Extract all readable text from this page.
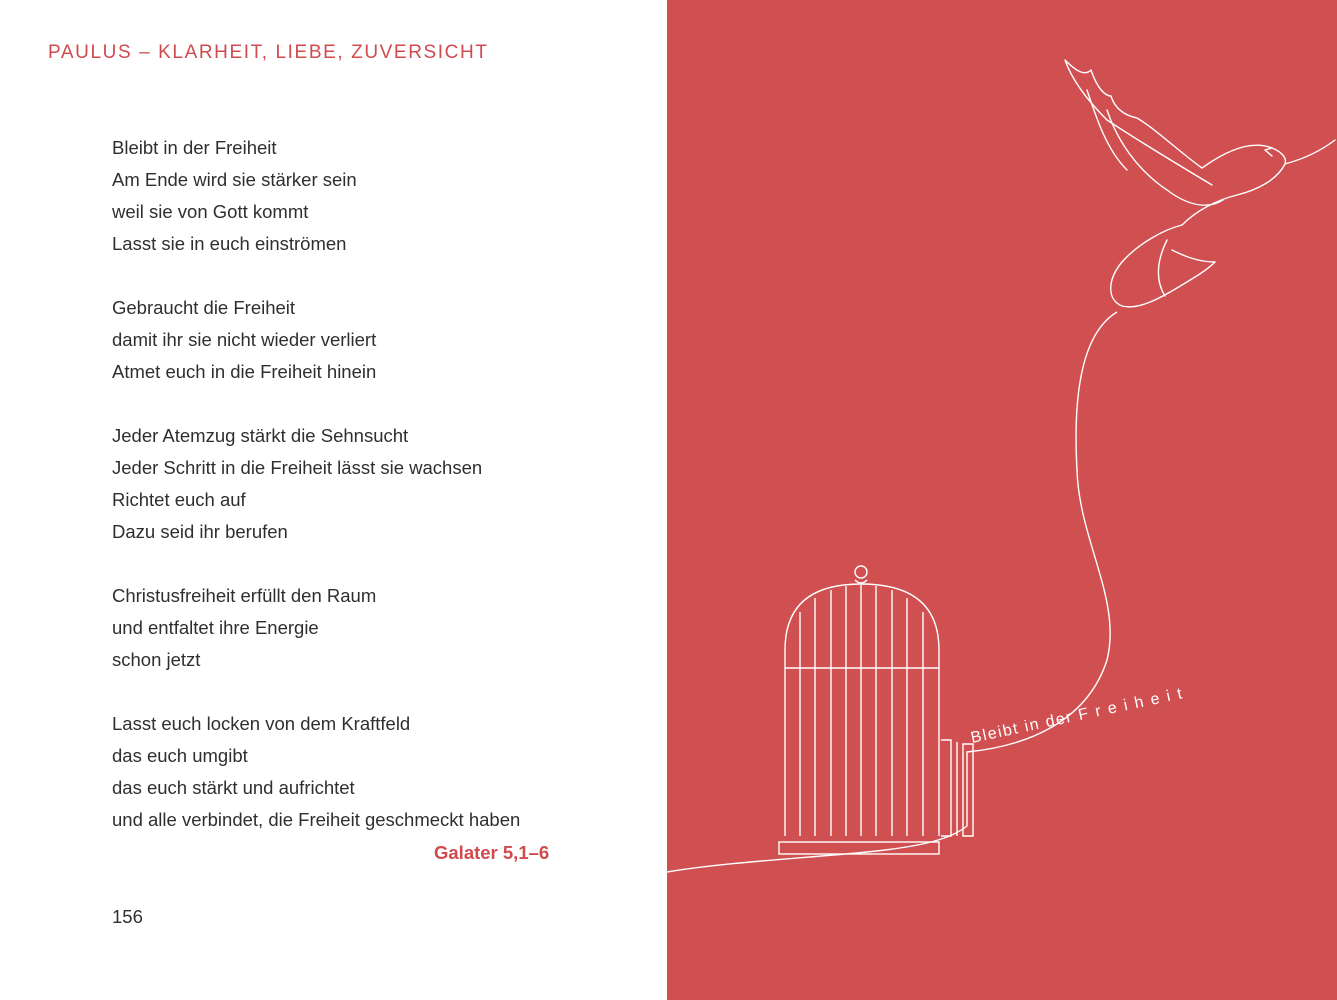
PAULUS – KLARHEIT, LIEBE, ZUVERSICHT
Bleibt in der Freiheit
Am Ende wird sie stärker sein
weil sie von Gott kommt
Lasst sie in euch einströmen
Gebraucht die Freiheit
damit ihr sie nicht wieder verliert
Atmet euch in die Freiheit hinein
Jeder Atemzug stärkt die Sehnsucht
Jeder Schritt in die Freiheit lässt sie wachsen
Richtet euch auf
Dazu seid ihr berufen
Christusfreiheit erfüllt den Raum
und entfaltet ihre Energie
schon jetzt
Lasst euch locken von dem Kraftfeld
das euch umgibt
das euch stärkt und aufrichtet
und alle verbindet, die Freiheit geschmeckt haben
Galater 5,1–6
156
Bleibt in der F r e i h e i t
